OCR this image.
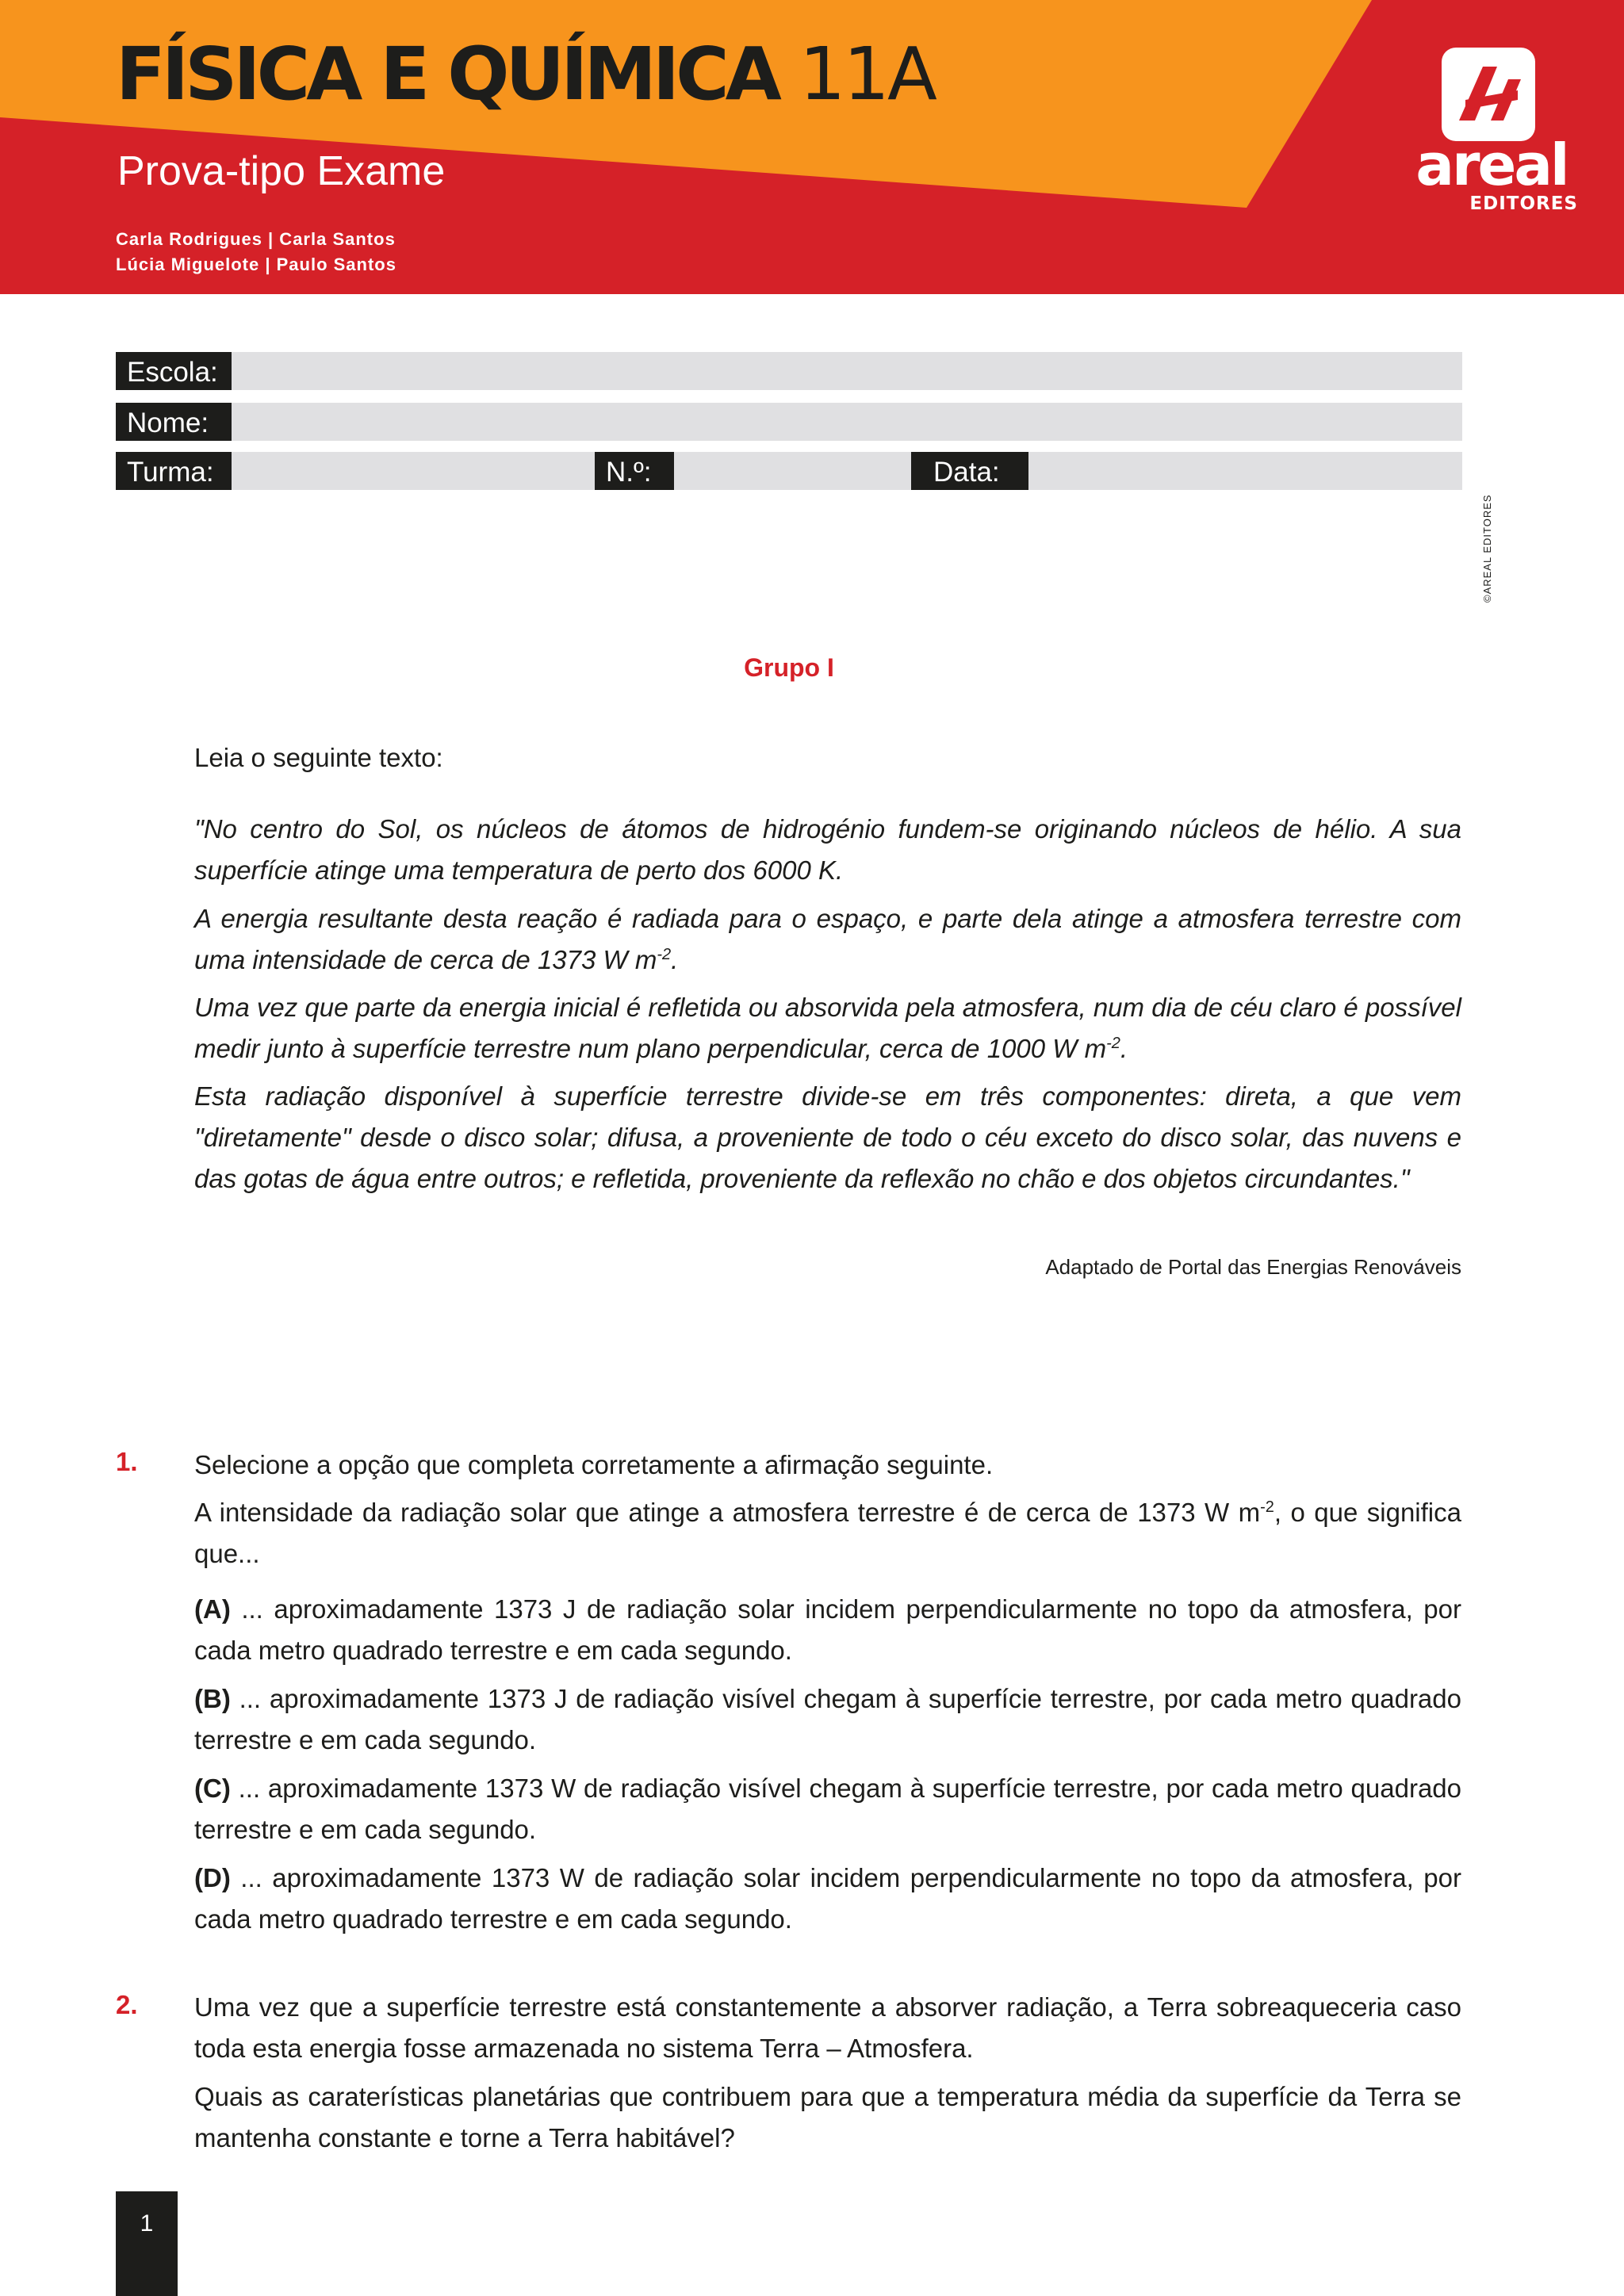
FÍSICA E QUÍMICA 11A
Prova-tipo Exame
Carla Rodrigues | Carla Santos
Lúcia Miguelote | Paulo Santos
areal
EDITORES
Escola:
Nome:
Turma:	N.º:	Data:
©AREAL EDITORES
Grupo I
Leia o seguinte texto:
"No centro do Sol, os núcleos de átomos de hidrogénio fundem-se originando núcleos de hélio. A sua superfície atinge uma temperatura de perto dos 6000 K.
A energia resultante desta reação é radiada para o espaço, e parte dela atinge a atmosfera terrestre com uma intensidade de cerca de 1373 W $m^{-2}$.
Uma vez que parte da energia inicial é refletida ou absorvida pela atmosfera, num dia de céu claro é possível medir junto à superfície terrestre num plano perpendicular, cerca de 1000 W $m^{-2}$.
Esta radiação disponível à superfície terrestre divide-se em três componentes: direta, a que vem "diretamente" desde o disco solar; difusa, a proveniente de todo o céu exceto do disco solar, das nuvens e das gotas de água entre outros; e refletida, proveniente da reflexão no chão e dos objetos circundantes."
Adaptado de Portal das Energias Renováveis
1. Selecione a opção que completa corretamente a afirmação seguinte.
A intensidade da radiação solar que atinge a atmosfera terrestre é de cerca de 1373 W $m^{-2}$, o que significa que...
(A) ... aproximadamente 1373 J de radiação solar incidem perpendicularmente no topo da atmosfera, por cada metro quadrado terrestre e em cada segundo.
(B) ... aproximadamente 1373 J de radiação visível chegam à superfície terrestre, por cada metro quadrado terrestre e em cada segundo.
(C) ... aproximadamente 1373 W de radiação visível chegam à superfície terrestre, por cada metro quadrado terrestre e em cada segundo.
(D) ... aproximadamente 1373 W de radiação solar incidem perpendicularmente no topo da atmosfera, por cada metro quadrado terrestre e em cada segundo.
2. Uma vez que a superfície terrestre está constantemente a absorver radiação, a Terra sobreaqueceria caso toda esta energia fosse armazenada no sistema Terra – Atmosfera.
Quais as caraterísticas planetárias que contribuem para que a temperatura média da superfície da Terra se mantenha constante e torne a Terra habitável?
1
